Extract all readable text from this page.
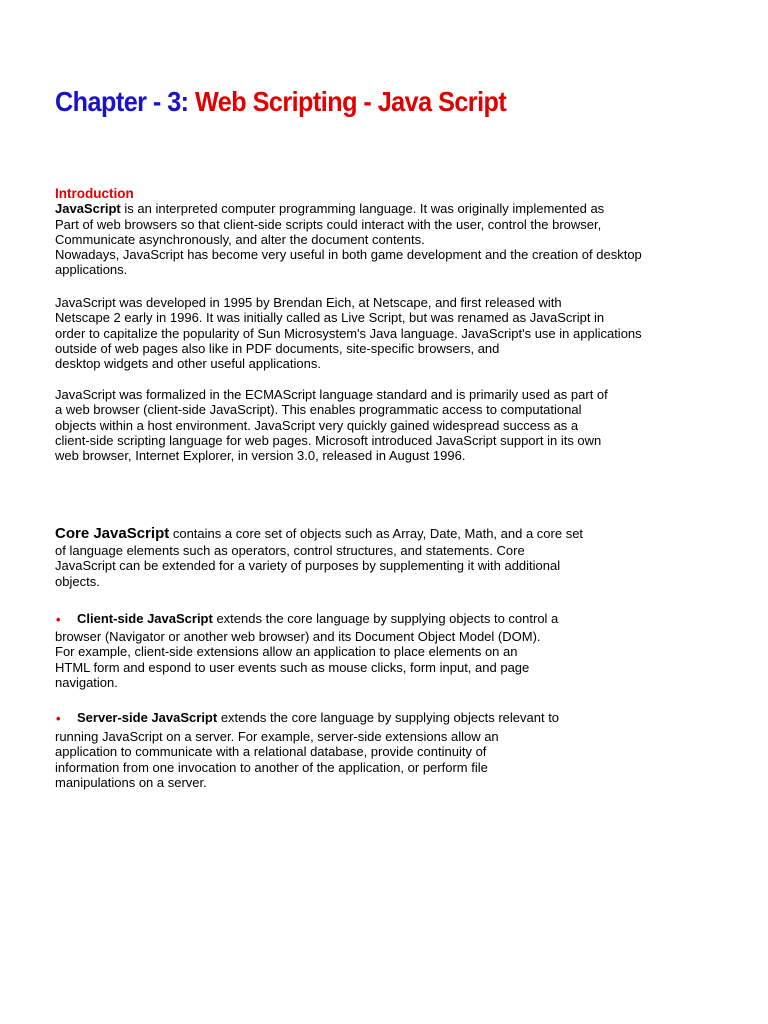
Chapter - 3: Web Scripting - Java Script
Introduction
JavaScript is an interpreted computer programming language. It was originally implemented as
Part of web browsers so that client-side scripts could interact with the user, control the browser,
Communicate asynchronously, and alter the document contents.
Nowadays, JavaScript has become very useful in both game development and the creation of desktop
applications.
JavaScript was developed in 1995 by Brendan Eich, at Netscape, and first released with
Netscape 2 early in 1996. It was initially called as Live Script, but was renamed as JavaScript in
order to capitalize the popularity of Sun Microsystem's Java language. JavaScript's use in applications
outside of web pages also like in PDF documents, site-specific browsers, and
desktop widgets and other useful applications.
JavaScript was formalized in the ECMAScript language standard and is primarily used as part of
a web browser (client-side JavaScript). This enables programmatic access to computational
objects within a host environment. JavaScript very quickly gained widespread success as a
client-side scripting language for web pages. Microsoft introduced JavaScript support in its own
web browser, Internet Explorer, in version 3.0, released in August 1996.
Core JavaScript contains a core set of objects such as Array, Date, Math, and a core set
of language elements such as operators, control structures, and statements. Core
JavaScript can be extended for a variety of purposes by supplementing it with additional
objects.
• Client-side JavaScript extends the core language by supplying objects to control a
browser (Navigator or another web browser) and its Document Object Model (DOM).
For example, client-side extensions allow an application to place elements on an
HTML form and espond to user events such as mouse clicks, form input, and page
navigation.
• Server-side JavaScript extends the core language by supplying objects relevant to
running JavaScript on a server. For example, server-side extensions allow an
application to communicate with a relational database, provide continuity of
information from one invocation to another of the application, or perform file
manipulations on a server.
